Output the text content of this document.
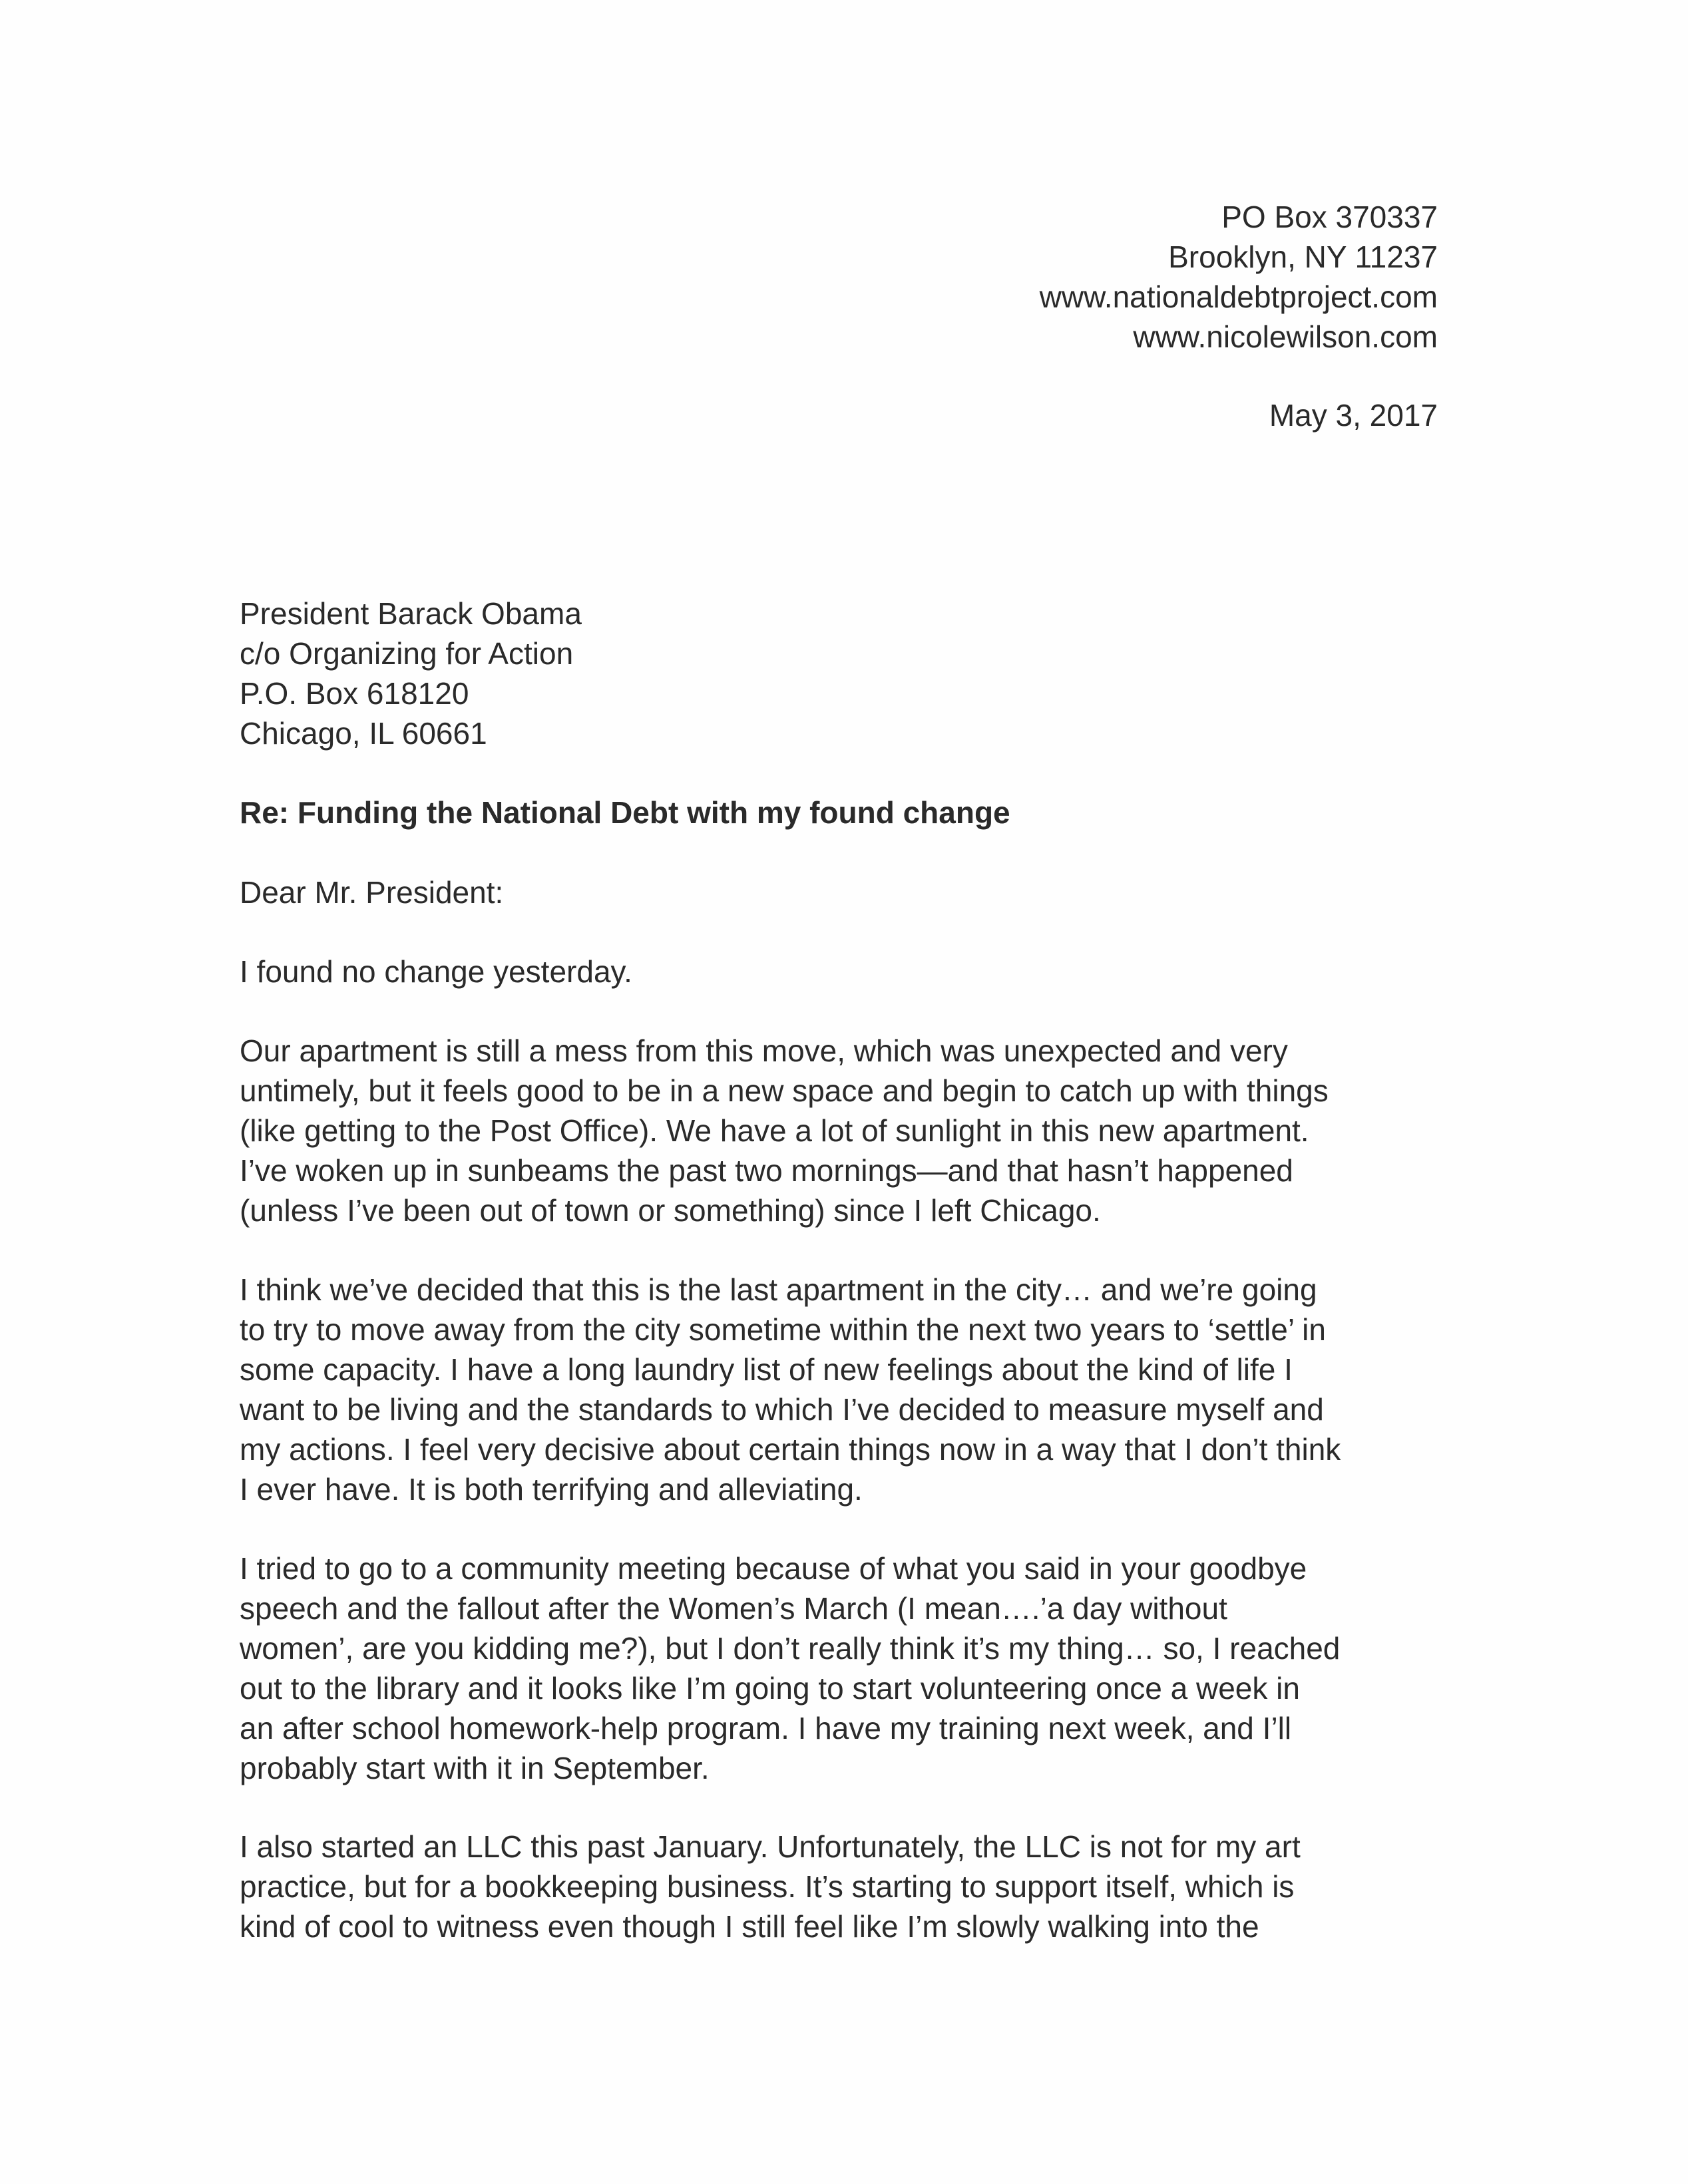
PO Box 370337
Brooklyn, NY 11237
www.nationaldebtproject.com
www.nicolewilson.com
May 3, 2017
President Barack Obama
c/o Organizing for Action
P.O. Box 618120
Chicago, IL 60661
Re: Funding the National Debt with my found change
Dear Mr. President:
I found no change yesterday.
Our apartment is still a mess from this move, which was unexpected and very
untimely, but it feels good to be in a new space and begin to catch up with things
(like getting to the Post Office). We have a lot of sunlight in this new apartment.
I’ve woken up in sunbeams the past two mornings—and that hasn’t happened
(unless I’ve been out of town or something) since I left Chicago.
I think we’ve decided that this is the last apartment in the city… and we’re going
to try to move away from the city sometime within the next two years to ‘settle’ in
some capacity. I have a long laundry list of new feelings about the kind of life I
want to be living and the standards to which I’ve decided to measure myself and
my actions. I feel very decisive about certain things now in a way that I don’t think
I ever have. It is both terrifying and alleviating.
I tried to go to a community meeting because of what you said in your goodbye
speech and the fallout after the Women’s March (I mean….’a day without
women’, are you kidding me?), but I don’t really think it’s my thing… so, I reached
out to the library and it looks like I’m going to start volunteering once a week in
an after school homework-help program. I have my training next week, and I’ll
probably start with it in September.
I also started an LLC this past January. Unfortunately, the LLC is not for my art
practice, but for a bookkeeping business. It’s starting to support itself, which is
kind of cool to witness even though I still feel like I’m slowly walking into the
